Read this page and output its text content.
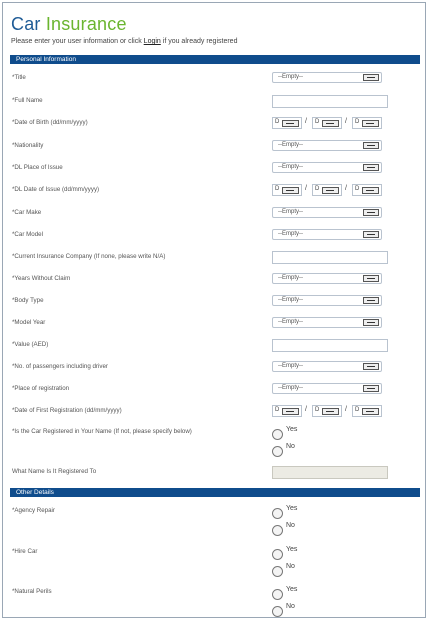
Car Insurance
Please enter your user information or click Login if you already registered
Personal Information
*Title	--Empty--
*Full Name
*Date of Birth (dd/mm/yyyy)	D	/ D	/ D
*Nationality	--Empty--
*DL Place of Issue	--Empty--
*DL Date of Issue (dd/mm/yyyy)	D	/ D	/ D
*Car Make	--Empty--
*Car Model	--Empty--
*Current Insurance Company (If none, please write N/A)
*Years Without Claim	--Empty--
*Body Type	--Empty--
*Model Year	--Empty--
*Value (AED)
*No. of passengers including driver	--Empty--
*Place of registration	--Empty--
*Date of First Registration (dd/mm/yyyy)	D	/ D	/ D
*Is the Car Registered in Your Name (If not, please specify below)	Yes
No
What Name Is It Registered To
Other Details
*Agency Repair	Yes
No
*Hire Car	Yes
No
*Natural Perils	Yes
No
